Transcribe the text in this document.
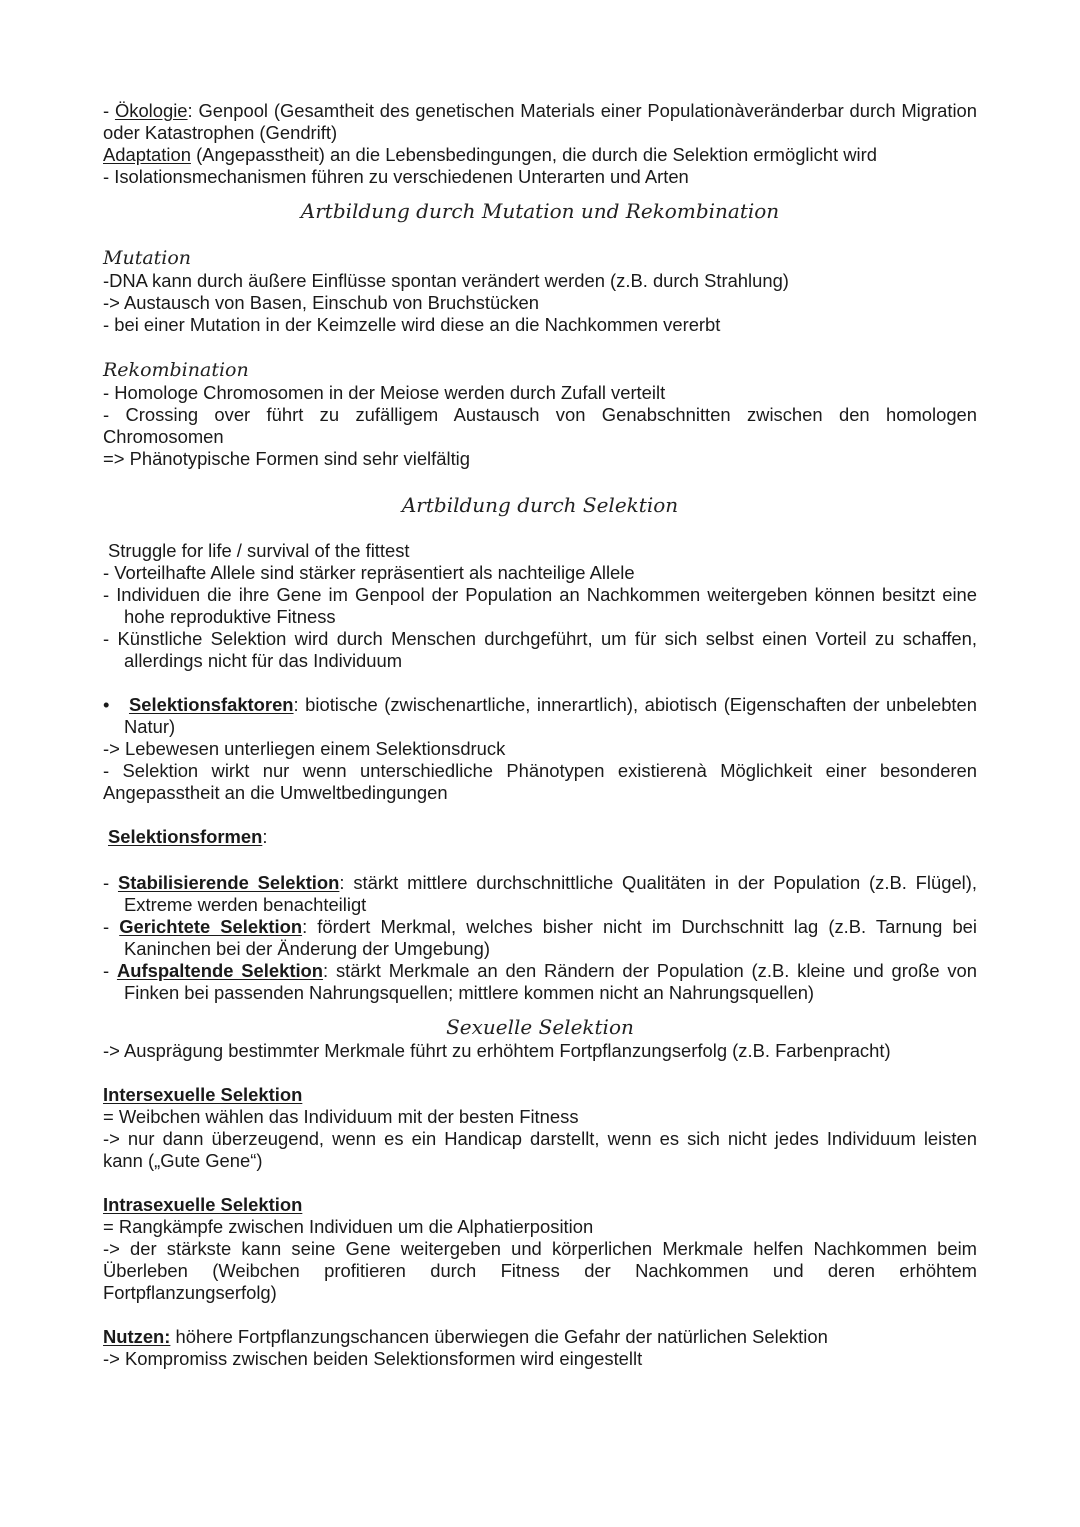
- Ökologie: Genpool (Gesamtheit des genetischen Materials einer Populationàveränderbar durch Migration oder Katastrophen (Gendrift)

Adaptation (Angepasstheit) an die Lebensbedingungen, die durch die Selektion ermöglicht wird

- Isolationsmechanismen führen zu verschiedenen Unterarten und Arten

Artbildung durch Mutation und Rekombination

Mutation

-DNA kann durch äußere Einflüsse spontan verändert werden (z.B. durch Strahlung)

-> Austausch von Basen, Einschub von Bruchstücken

- bei einer Mutation in der Keimzelle wird diese an die Nachkommen vererbt

Rekombination

- Homologe Chromosomen in der Meiose werden durch Zufall verteilt

- Crossing over führt zu zufälligem Austausch von Genabschnitten zwischen den homologen Chromosomen

=> Phänotypische Formen sind sehr vielfältig

Artbildung durch Selektion

Struggle for life / survival of the fittest

- Vorteilhafte Allele sind stärker repräsentiert als nachteilige Allele

- Individuen die ihre Gene im Genpool der Population an Nachkommen weitergeben können besitzt eine hohe reproduktive Fitness

- Künstliche Selektion wird durch Menschen durchgeführt, um für sich selbst einen Vorteil zu schaffen, allerdings nicht für das Individuum

• Selektionsfaktoren: biotische (zwischenartliche, innerartlich), abiotisch (Eigenschaften der unbelebten Natur)

-> Lebewesen unterliegen einem Selektionsdruck

- Selektion wirkt nur wenn unterschiedliche Phänotypen existierenà Möglichkeit einer besonderen Angepasstheit an die Umweltbedingungen

Selektionsformen:

- Stabilisierende Selektion: stärkt mittlere durchschnittliche Qualitäten in der Population (z.B. Flügel), Extreme werden benachteiligt

- Gerichtete Selektion: fördert Merkmal, welches bisher nicht im Durchschnitt lag (z.B. Tarnung bei Kaninchen bei der Änderung der Umgebung)

- Aufspaltende Selektion: stärkt Merkmale an den Rändern der Population (z.B. kleine und große von Finken bei passenden Nahrungsquellen; mittlere kommen nicht an Nahrungsquellen)

Sexuelle Selektion

-> Ausprägung bestimmter Merkmale führt zu erhöhtem Fortpflanzungserfolg (z.B. Farbenpracht)

Intersexuelle Selektion

= Weibchen wählen das Individuum mit der besten Fitness

-> nur dann überzeugend, wenn es ein Handicap darstellt, wenn es sich nicht jedes Individuum leisten kann („Gute Gene“)

Intrasexuelle Selektion

= Rangkämpfe zwischen Individuen um die Alphatierposition

-> der stärkste kann seine Gene weitergeben und körperlichen Merkmale helfen Nachkommen beim Überleben (Weibchen profitieren durch Fitness der Nachkommen und deren erhöhtem Fortpflanzungserfolg)

Nutzen: höhere Fortpflanzungschancen überwiegen die Gefahr der natürlichen Selektion

-> Kompromiss zwischen beiden Selektionsformen wird eingestellt
